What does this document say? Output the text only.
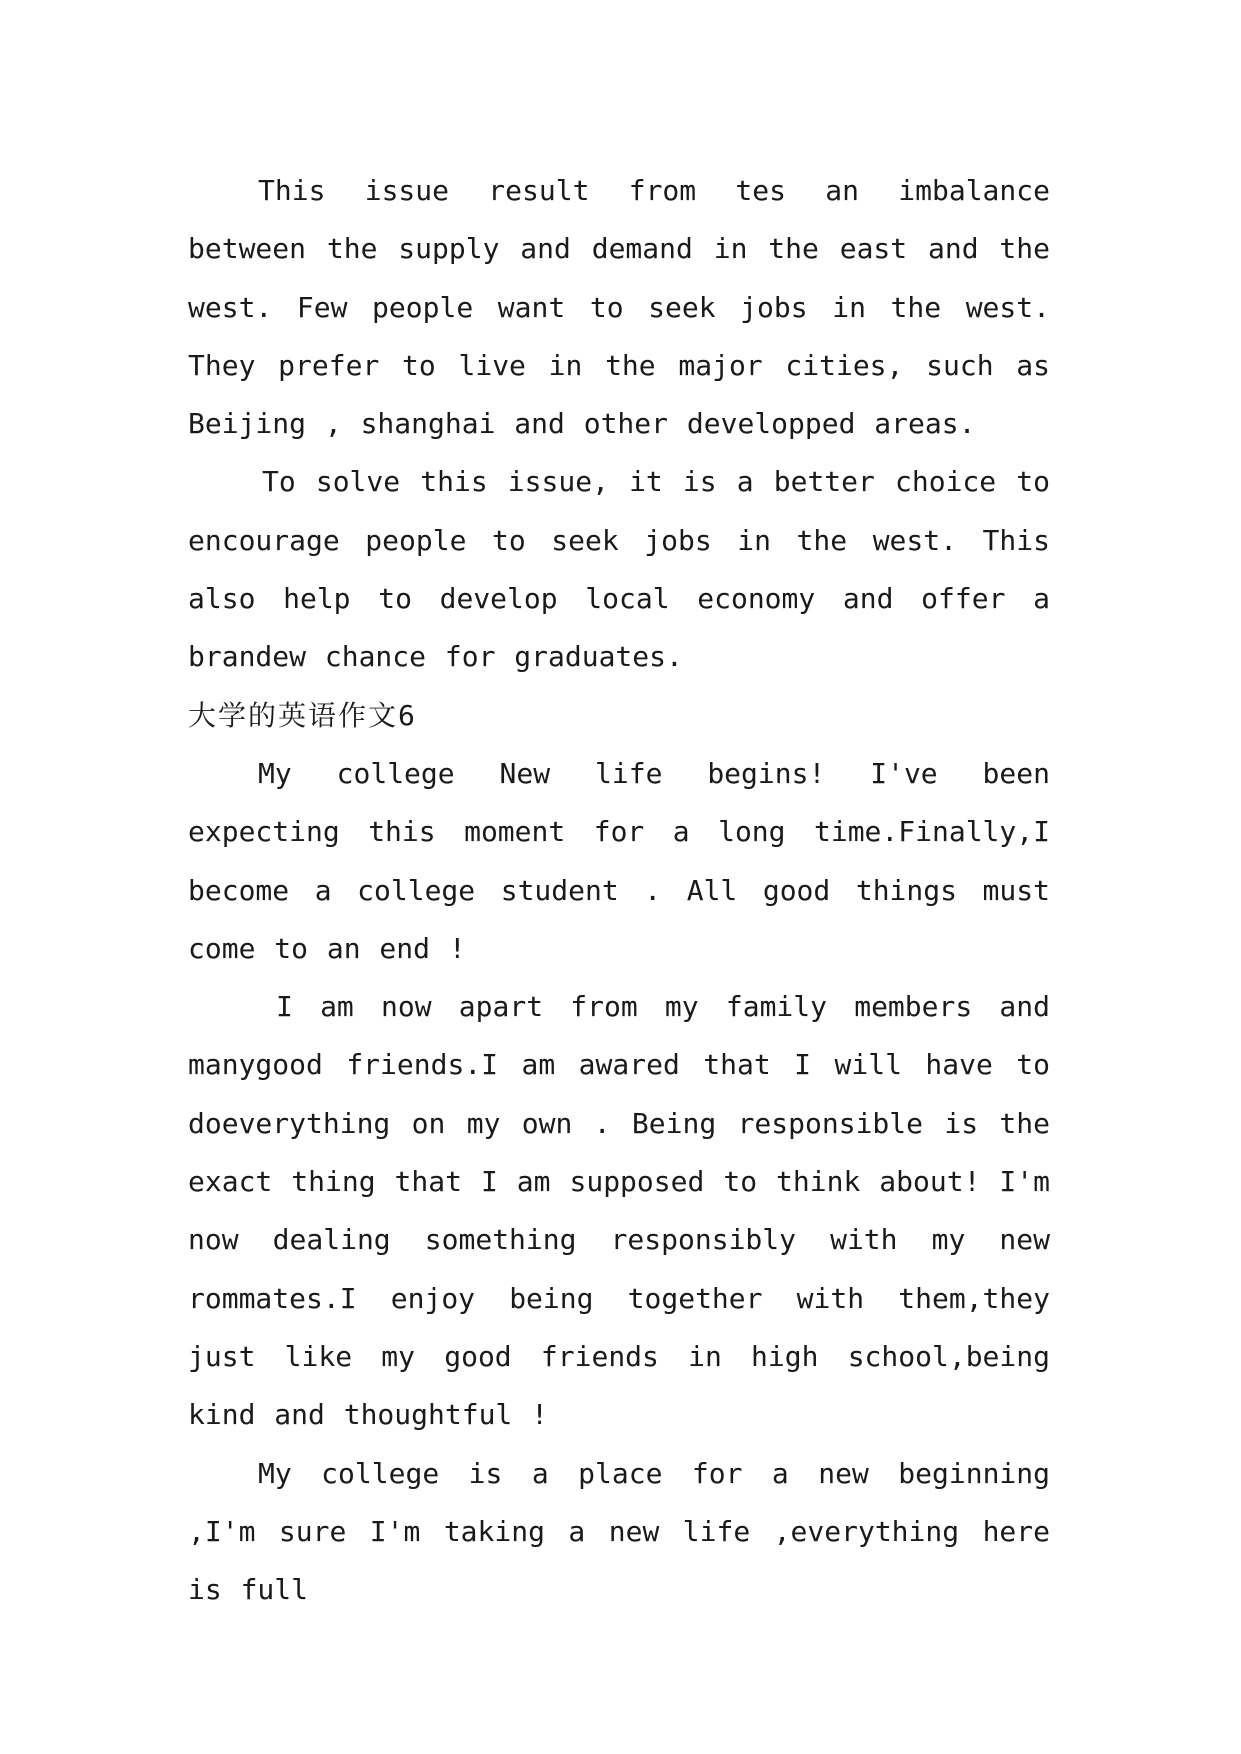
This issue result from tes an imbalance between the supply and demand in the east and the west. Few people want to seek jobs in the west. They prefer to live in the major cities, such as Beijing , shanghai and other developped areas.

To solve this issue, it is a better choice to encourage people to seek jobs in the west. This also help to develop local economy and offer a brandew chance for graduates.

大学的英语作文6

My college New life begins! I've been expecting this moment for a long time.Finally,I become a college student . All good things must come to an end !

I am now apart from my family members and manygood friends.I am awared that I will have to doeverything on my own . Being responsible is the exact thing that I am supposed to think about! I'm now dealing something responsibly with my new rommates.I enjoy being together with them,they just like my good friends in high school,being kind and thoughtful !

My college is a place for a new beginning ,I'm sure I'm taking a new life ,everything here is full
